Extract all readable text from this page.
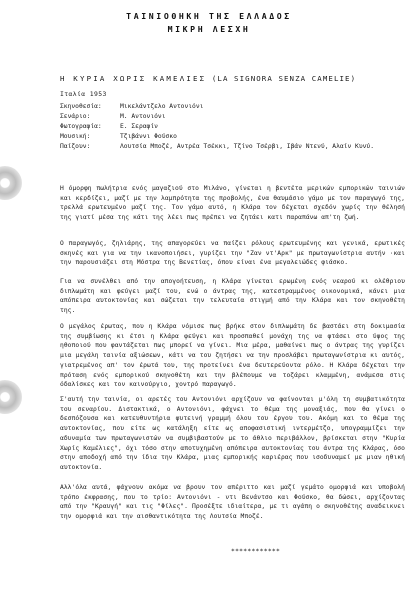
ΤΑΙΝΙΟΘΗΚΗ ΤΗΣ ΕΛΛΑΔΟΣ
ΜΙΚΡΗ ΛΕΣΧΗ
Η ΚΥΡΙΑ ΧΩΡΙΣ ΚΑΜΕΛΙΕΣ (LA SIGNORA SENZA CAMELIE)
Ιταλία 1953
Σκηνοθεσία:	Μικελάντζελο Αντονιόνι
Σενάριο:	Μ. Αντονιόνι
Φωτογραφία:	Ε. Σεραφίν
Μουσική:	Τζιβάννι Φούσκο
Παίζουν:	Λουτσία Μποζέ, Αντρέα Τσέκκι, Τζίνο Τσέρβι, Ιβάν Ντενύ, Αλαίν Κυνύ.

Η όμορφη πωλήτρια ενός μαγαζιού στο Μιλάνο, γίνεται η βεντέτα μερικών εμπορικών ταινιών και κερδίζει, μαζί με την λαμπρότητα της προβολής, ένα θαυμάσιο γάμο με τον παραγωγό της, τρελλά ερωτευμένο μαζί της. Τον γάμο αυτό, η Κλάρα τον δέχεται σχεδόν χωρίς την θέλησή της γιατί μέσα της κάτι της λέει πως πρέπει να ζητάει κατι παραπάνω απ'τη ζωή.

Ο παραγωγός, ζηλιάρης, της απαγορεύει να παίζει ρόλους ερωτευμένης και γενικά, ερωτικές σκηνές και για να την ικανοποιήσει, γυρίζει την "Ζαν ντ'Αρκ" με πρωταγωνίστρια αυτήν ·και την παρουσιάζει στη Μόστρα της Βενετίας, όπου είναι ένα μεγαλειώδες φιάσκο.

Για να συνέλθει από την απογοήτευση, η Κλάρα γίνεται ερωμένη ενός νεαρού κι ολέθριου διπλωμάτη και φεύγει μαζί του, ενώ ο άντρας της, κατεστραμμένος οικονομικά, κάνει μια απόπειρα αυτοκτονίας και σώζεται την τελευταία στιγμή από την Κλάρα και τον σκηνοθέτη της.

Ο μεγάλος έρωτας, που η Κλάρα νόμισε πως βρήκε στον διπλωμάτη δε βαστάει στη δοκιμασία της συμβίωσης κι έτσι η Κλάρα φεύγει και προσπαθεί μονάχη της να φτάσει στο ύψος της ηθοποιού που φαντάζεται πως μπορεί να γίνει. Μια μέρα, μαθαίνει πως ο άντρας της γυρίζει μια μεγάλη ταινία αξιώσεων, κάτι να του ζητήσει να την προσλάβει πρωταγωνίστρια κι αυτός, γιατρεμένος απ' τον έρωτά του, της προτείνει ένα δευτερεύοντα ρόλο. Η Κλάρα δέχεται την πρόταση ενός εμπορικού σκηνοθέτη και την βλέπουμε να τοζάρει κλαμμένη, ανάμεσα στις όδαλίσκες και τον καινούργιο, χοντρό παραγωγό.

Σ'αυτή την ταινία, οι αρετές του Αντονιόνι αρχίζουν να φαίνονται μ'όλη τη συμβατικότητα του σεναρίου. Διστακτικά, ο Αντονιόνι, φάχνει το θέμα της μοναξιάς, που θα γίνει ο δεσπόζουσα και κατευθυντήρια φυτεινή γραμμή όλου του έργου του. Ακόμη και το θέμα της αυτοκτονίας, που είτε ως κατάληξη είτε ως αποφασιστική ιντερμέτζο, υπογραμμίζει την αδυναμία των πρωταγωνιστών να συμβιβαστούν με το άθλιο περιβάλλον, βρίσκεται στην "Κυρία Χωρίς Καμέλιες", όχι τόσο στην αποτυχημένη απόπειρα αυτοκτονίας του άντρα της Κλάρας, όσο στην αποδοχή από την ίδια την Κλάρα, μιας εμπορικής καριέρας που ισοδυναμεί με μιαν ηθική αυτοκτονία.

Αλλ'όλα αυτά, φάχνουν ακόμα να βρουν τον απέριττο και μαζί γεμάτο ομορφιά και υποβολή τρόπο έκφρασης, που το τρίο: Αντονιόνι - ντι Βενάντσο και Φούσκο, θα δώσει, αρχίζοντας από την "Κραυγή" και τις "Φίλες". Προσέξτε ιδιαίτερα, με τι αγάπη ο σκηνοθέτης αναδεικνει την ομορφιά και την αισθαντικότητα της Λουτσία Μποζέ.

************
